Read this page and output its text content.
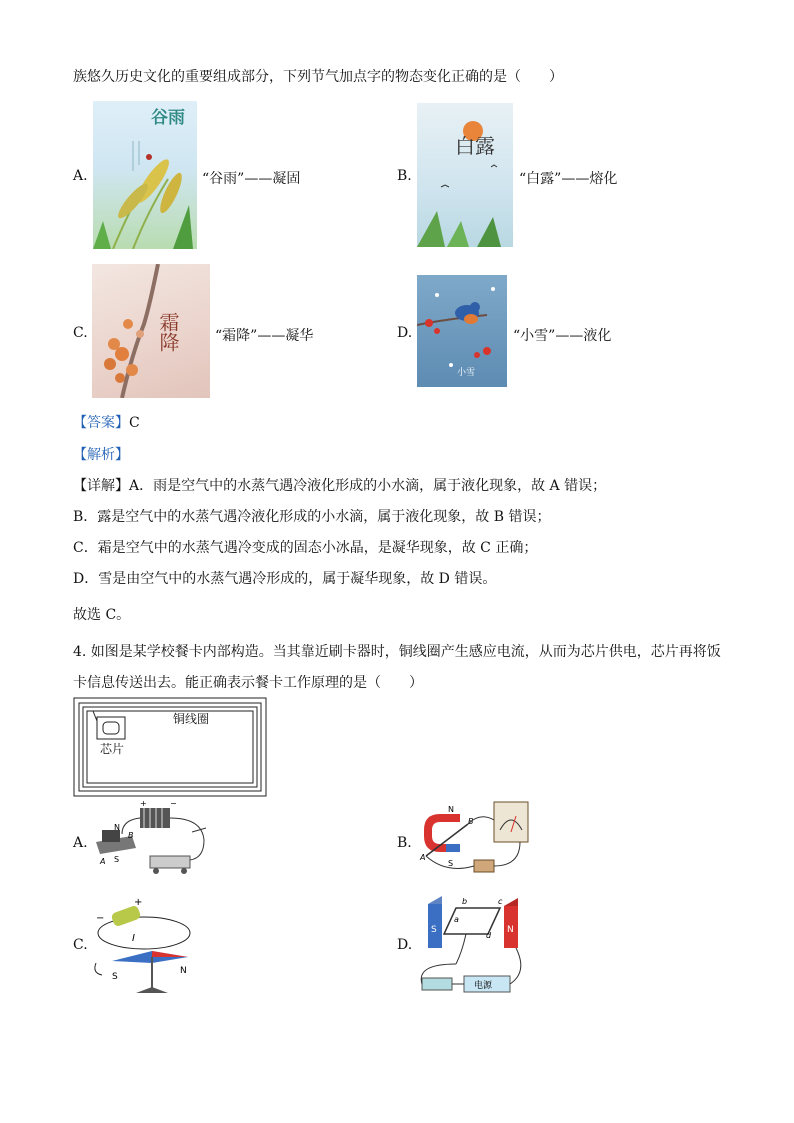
族悠久历史文化的重要组成部分，下列节气加点字的物态变化正确的是（　　）
A.
谷雨
“谷雨”——凝固	B.
白露
“白露”——熔化
C.	霜降	“霜降”——凝华	D.
小雪
“小雪”——液化
【答案】C
【解析】
【详解】A．雨是空气中的水蒸气遇冷液化形成的小水滴，属于液化现象，故 A 错误；
B．露是空气中的水蒸气遇冷液化形成的小水滴，属于液化现象，故 B 错误；
C．霜是空气中的水蒸气遇冷变成的固态小冰晶，是凝华现象，故 C 正确；
D．雪是由空气中的水蒸气遇冷形成的，属于凝华现象，故 D 错误。
故选 C。
4. 如图是某学校餐卡内部构造。当其靠近刷卡器时，铜线圈产生感应电流，从而为芯片供电，芯片再将饭
卡信息传送出去。能正确表示餐卡工作原理的是（　　）
铜线圈
芯片
A.
+	−
N
B
S
A
B.
N
S
B
A
C.
+
−
I
S
N
D.
S	N
a
b	c
d
电源
